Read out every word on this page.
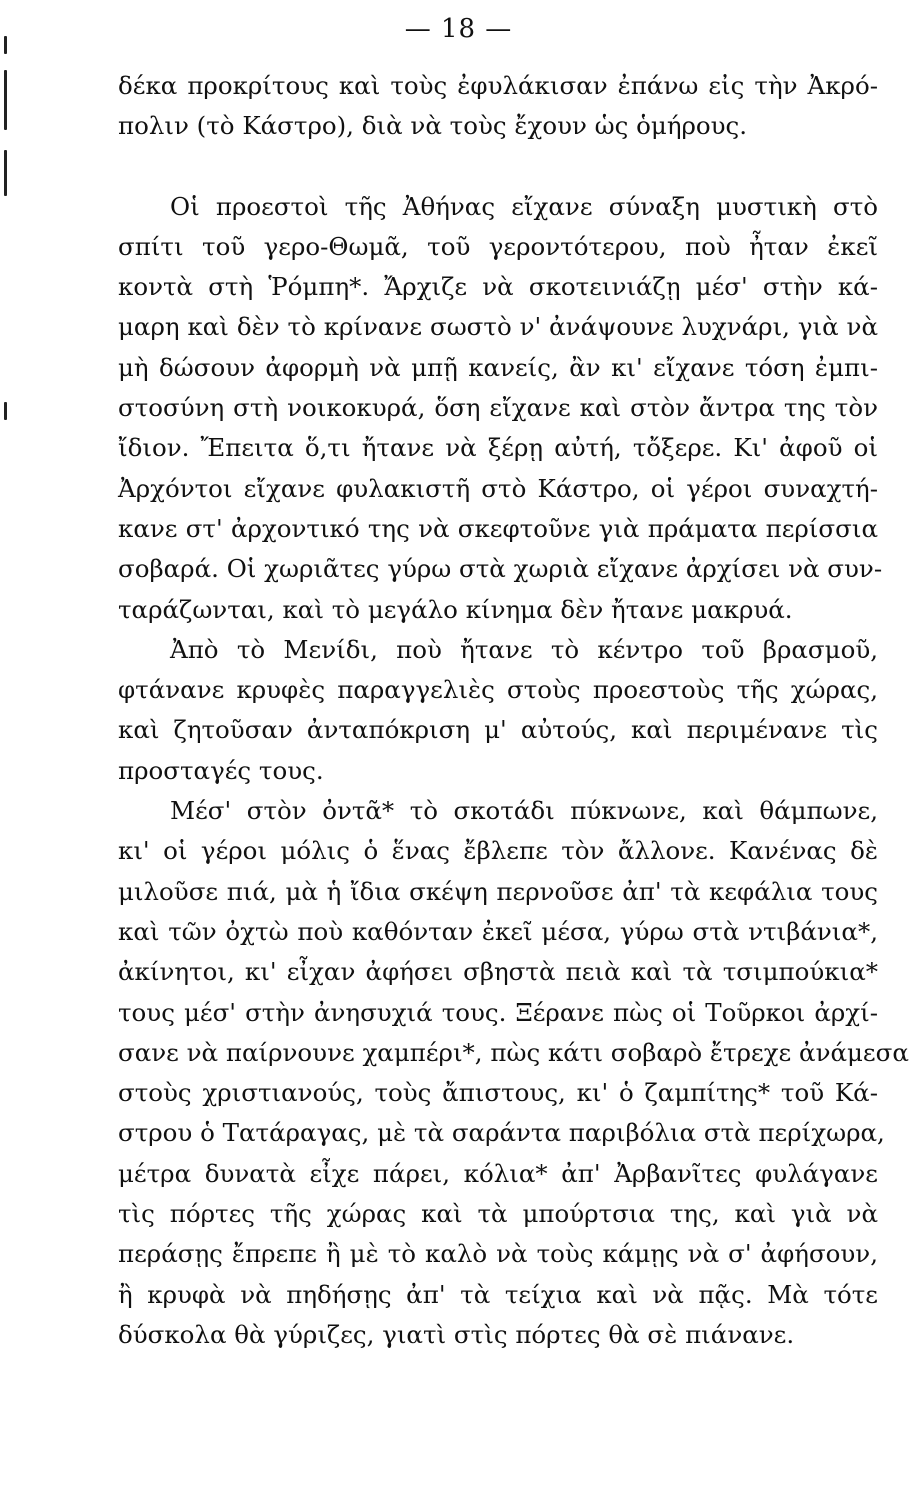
— 18 —
δέκα προκρίτους καὶ τοὺς ἐφυλάκισαν ἐπάνω εἰς τὴν Ἀκρό-
πολιν (τὸ Κάστρο), διὰ νὰ τοὺς ἔχουν ὡς ὁμήρους.
Οἱ προεστοὶ τῆς Ἀθήνας εἴχανε σύναξη μυστικὴ στὸ
σπίτι τοῦ γερο-Θωμᾶ, τοῦ γεροντότερου, ποὺ ἦταν ἐκεῖ
κοντὰ στὴ Ῥόμπη*. Ἄρχιζε νὰ σκοτεινιάζῃ μέσ' στὴν κά-
μαρη καὶ δὲν τὸ κρίνανε σωστὸ ν' ἀνάψουνε λυχνάρι, γιὰ νὰ
μὴ δώσουν ἀφορμὴ νὰ μπῇ κανείς, ἂν κι' εἴχανε τόση ἐμπι-
στοσύνη στὴ νοικοκυρά, ὅση εἴχανε καὶ στὸν ἄντρα της τὸν
ἴδιον. Ἔπειτα ὅ,τι ἤτανε νὰ ξέρῃ αὐτή, τὄξερε. Κι' ἀφοῦ οἱ
Ἀρχόντοι εἴχανε φυλακιστῆ στὸ Κάστρο, οἱ γέροι συναχτή-
κανε στ' ἀρχοντικό της νὰ σκεφτοῦνε γιὰ πράματα περίσσια
σοβαρά. Οἱ χωριᾶτες γύρω στὰ χωριὰ εἴχανε ἀρχίσει νὰ συν-
ταράζωνται, καὶ τὸ μεγάλο κίνημα δὲν ἤτανε μακρυά.
Ἀπὸ τὸ Μενίδι, ποὺ ἤτανε τὸ κέντρο τοῦ βρασμοῦ,
φτάνανε κρυφὲς παραγγελιὲς στοὺς προεστοὺς τῆς χώρας,
καὶ ζητοῦσαν ἀνταπόκριση μ' αὐτούς, καὶ περιμένανε τὶς
προσταγές τους.
Μέσ' στὸν ὀντᾶ* τὸ σκοτάδι πύκνωνε, καὶ θάμπωνε,
κι' οἱ γέροι μόλις ὁ ἕνας ἔβλεπε τὸν ἄλλονε. Κανένας δὲ
μιλοῦσε πιά, μὰ ἡ ἴδια σκέψη περνοῦσε ἀπ' τὰ κεφάλια τους
καὶ τῶν ὀχτὼ ποὺ καθόνταν ἐκεῖ μέσα, γύρω στὰ ντιβάνια*,
ἀκίνητοι, κι' εἶχαν ἀφήσει σβηστὰ πειὰ καὶ τὰ τσιμπούκια*
τους μέσ' στὴν ἀνησυχιά τους. Ξέρανε πὼς οἱ Τοῦρκοι ἀρχί-
σανε νὰ παίρνουνε χαμπέρι*, πὼς κάτι σοβαρὸ ἔτρεχε ἀνάμεσα
στοὺς χριστιανούς, τοὺς ἄπιστους, κι' ὁ ζαμπίτης* τοῦ Κά-
στρου ὁ Τατάραγας, μὲ τὰ σαράντα παριβόλια στὰ περίχωρα,
μέτρα δυνατὰ εἶχε πάρει, κόλια* ἀπ' Ἀρβανῖτες φυλάγανε
τὶς πόρτες τῆς χώρας καὶ τὰ μπούρτσια της, καὶ γιὰ νὰ
περάσῃς ἔπρεπε ἢ μὲ τὸ καλὸ νὰ τοὺς κάμῃς νὰ σ' ἀφήσουν,
ἢ κρυφὰ νὰ πηδήσῃς ἀπ' τὰ τείχια καὶ νὰ πᾷς. Μὰ τότε
δύσκολα θὰ γύριζες, γιατὶ στὶς πόρτες θὰ σὲ πιάνανε.
